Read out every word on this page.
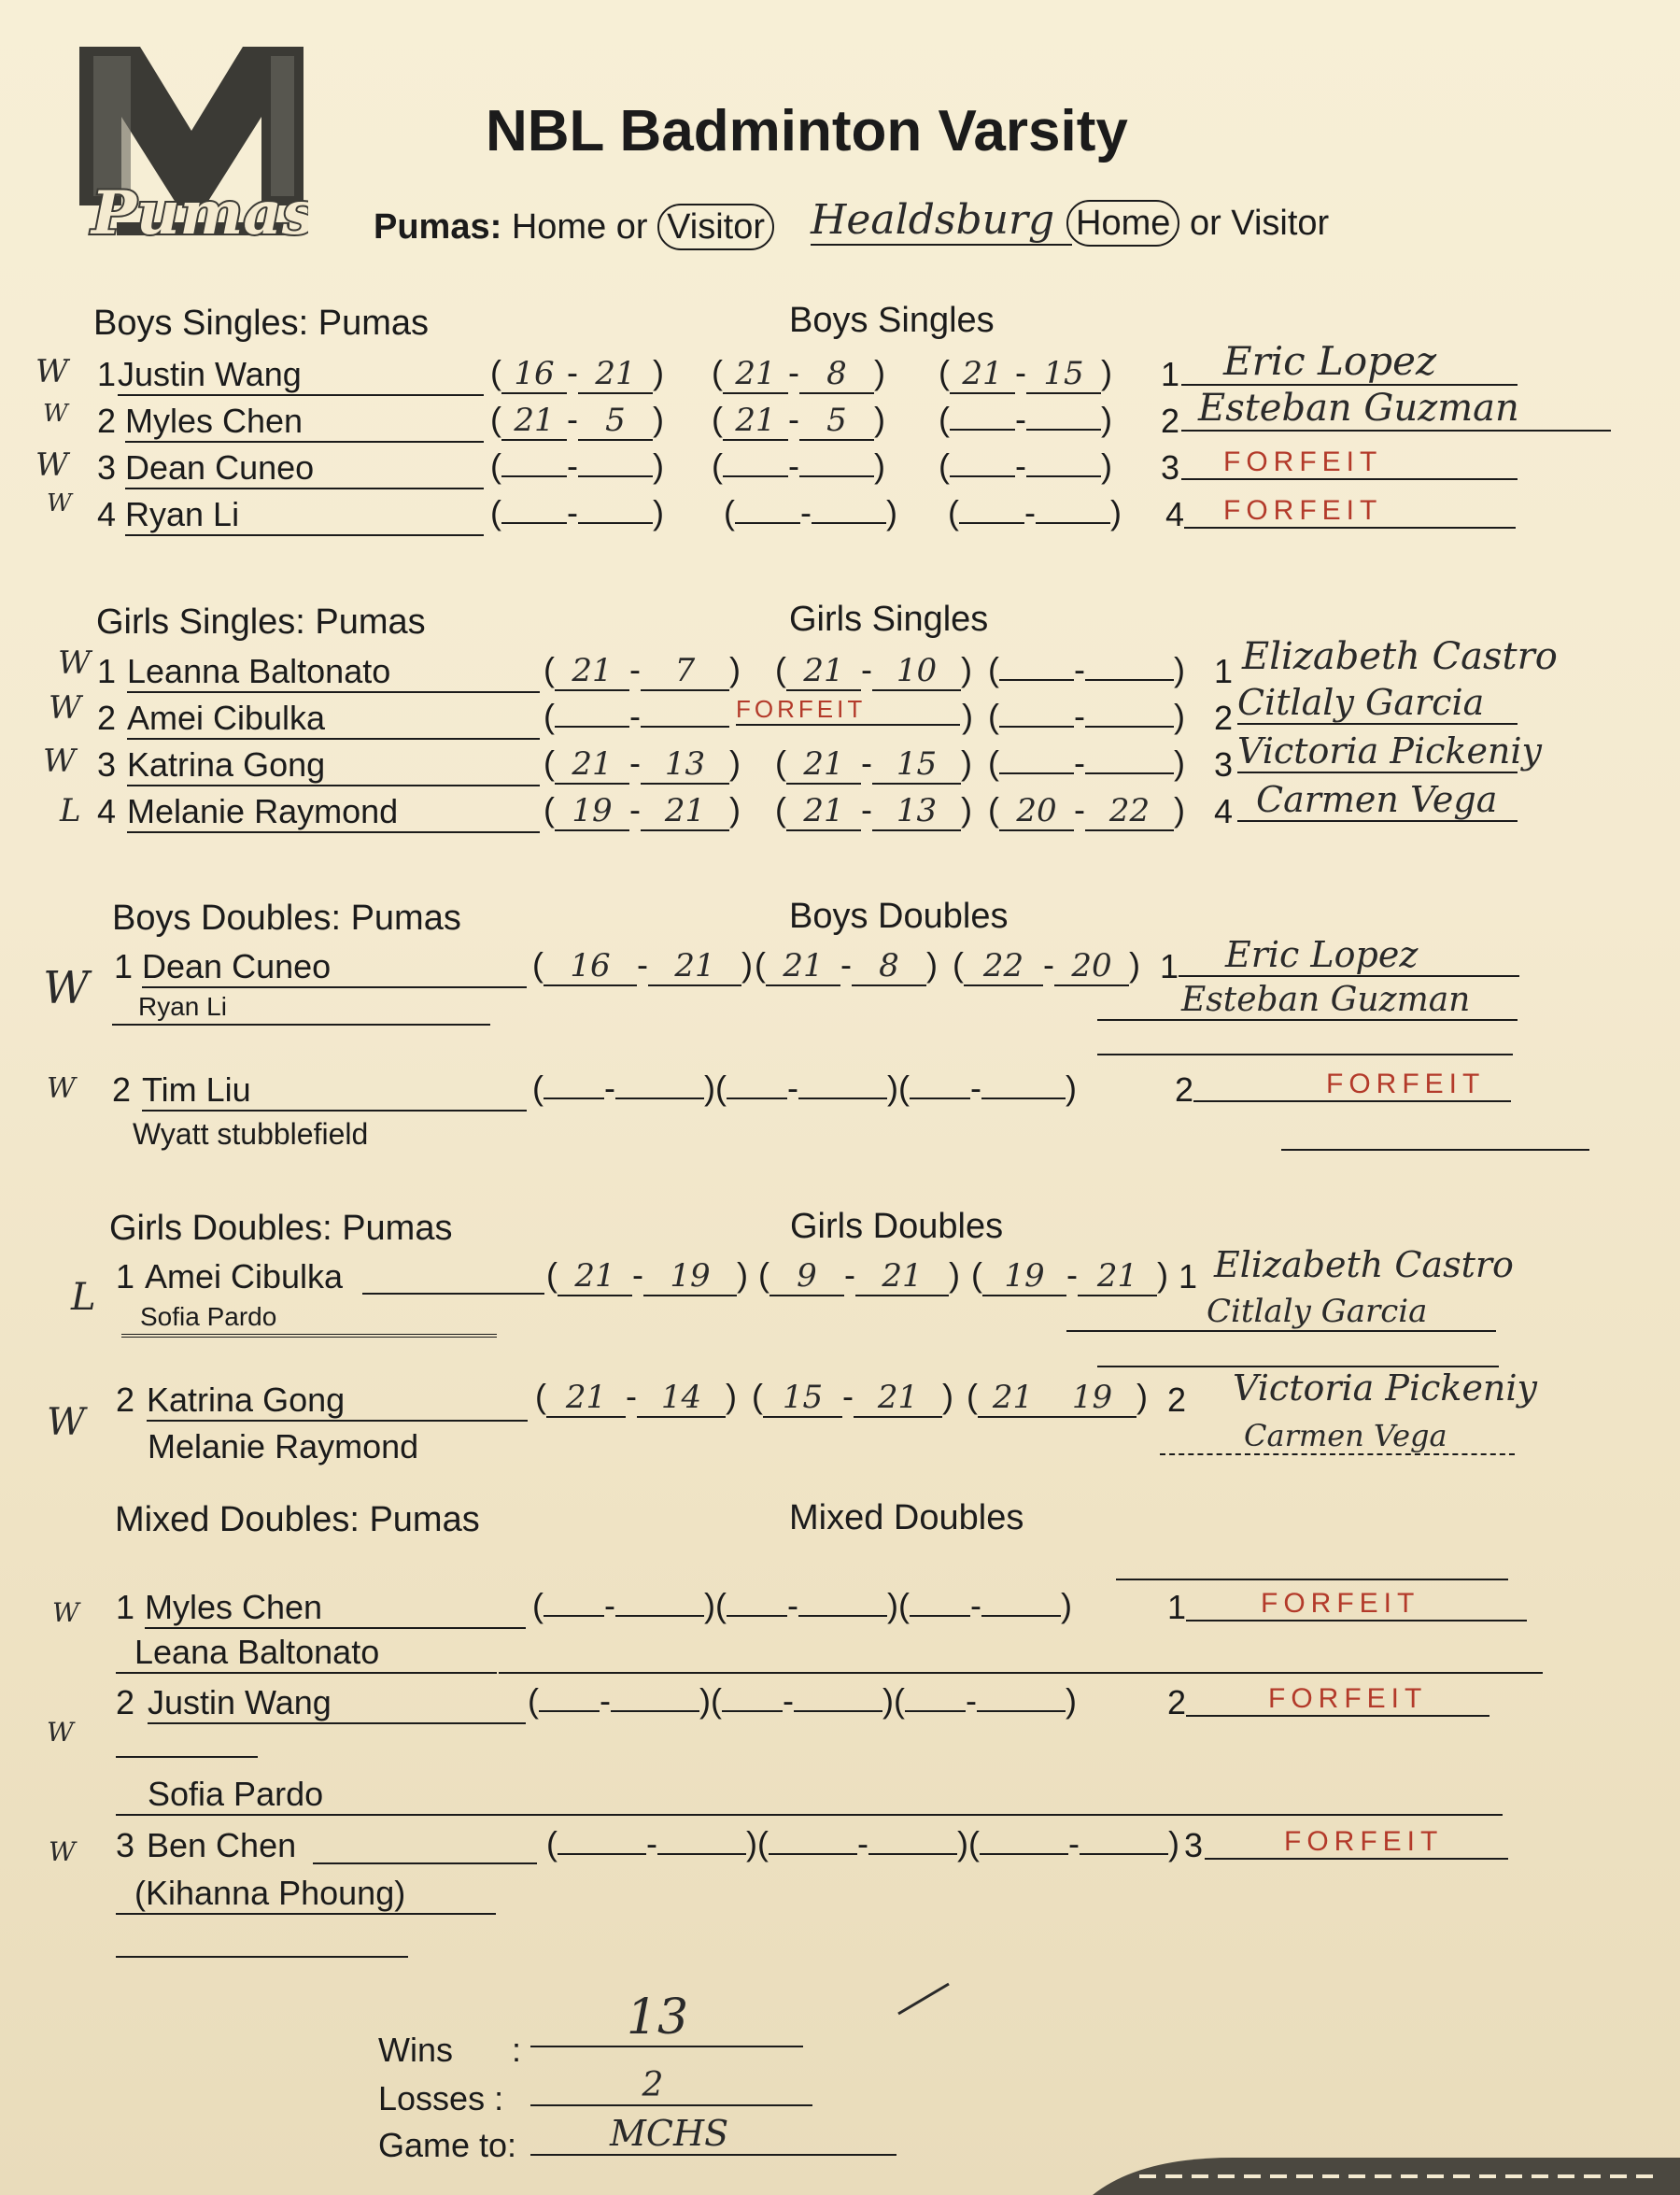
Pumas
NBL Badminton Varsity
Pumas: Home or Visitor Healdsburg Home or Visitor
Boys Singles: Pumas	Boys Singles
W 1 Justin Wang	( 16 - 21 ) ( 21 - 8 ) ( 21 - 15 ) 1	Eric Lopez
W 2 Myles Chen	( 21 - 5 ) ( 21 - 5 ) ( - ) 2 Esteban Guzman
W 3 Dean Cuneo	( - ) ( - ) ( - ) 3	FORFEIT
W 4 Ryan Li	( - ) ( - ) ( - ) 4	FORFEIT
Girls Singles: Pumas	Girls Singles
W 1 Leanna Baltonato	( 21 - 7 ) ( 21 - 10 ) ( -	) 1 Elizabeth Castro
W 2 Amei Cibulka	( -	FORFEIT	) ( -	) 2 Citlaly Garcia
W 3 Katrina Gong	( 21 - 13 ) ( 21 - 15 ) ( -	) 3 Victoria Pickeniy
L 4 Melanie Raymond	( 19 - 21 ) ( 21 - 13 ) ( 20 - 22 ) 4 Carmen Vega
Boys Doubles: Pumas	Boys Doubles
W 1 Dean Cuneo
Ryan Li
( 16 - 21 ) ( 21 - 8 ) ( 22 - 20 ) 1	Eric Lopez
Esteban Guzman
W 2 Tim Liu
Wyatt stubblefield
( -	)( -	)( -	)	2	FORFEIT
Girls Doubles: Pumas	Girls Doubles
L 1 Amei Cibulka
Sofia Pardo
( 21 - 19 ) ( 9 - 21 ) ( 19 - 21 ) 1 Elizabeth Castro
Citlaly Garcia
W
2 Katrina Gong
Melanie Raymond
( 21 - 14 ) ( 15 - 21 ) ( 21 19 ) 2 Victoria Pickeniy
Carmen Vega
Mixed Doubles: Pumas	Mixed Doubles
W 1 Myles Chen
Leana Baltonato
( -	)( -	)( - )	1	FORFEIT
W
2 Justin Wang
Sofia Pardo
( -	)( -	)( -	)	2	FORFEIT
W 3 Ben Chen
(Kihanna Phoung)
(	-	)(	-	)(	-	) 3	FORFEIT
Wins :
13
Losses :	2
Game to:	MCHS
